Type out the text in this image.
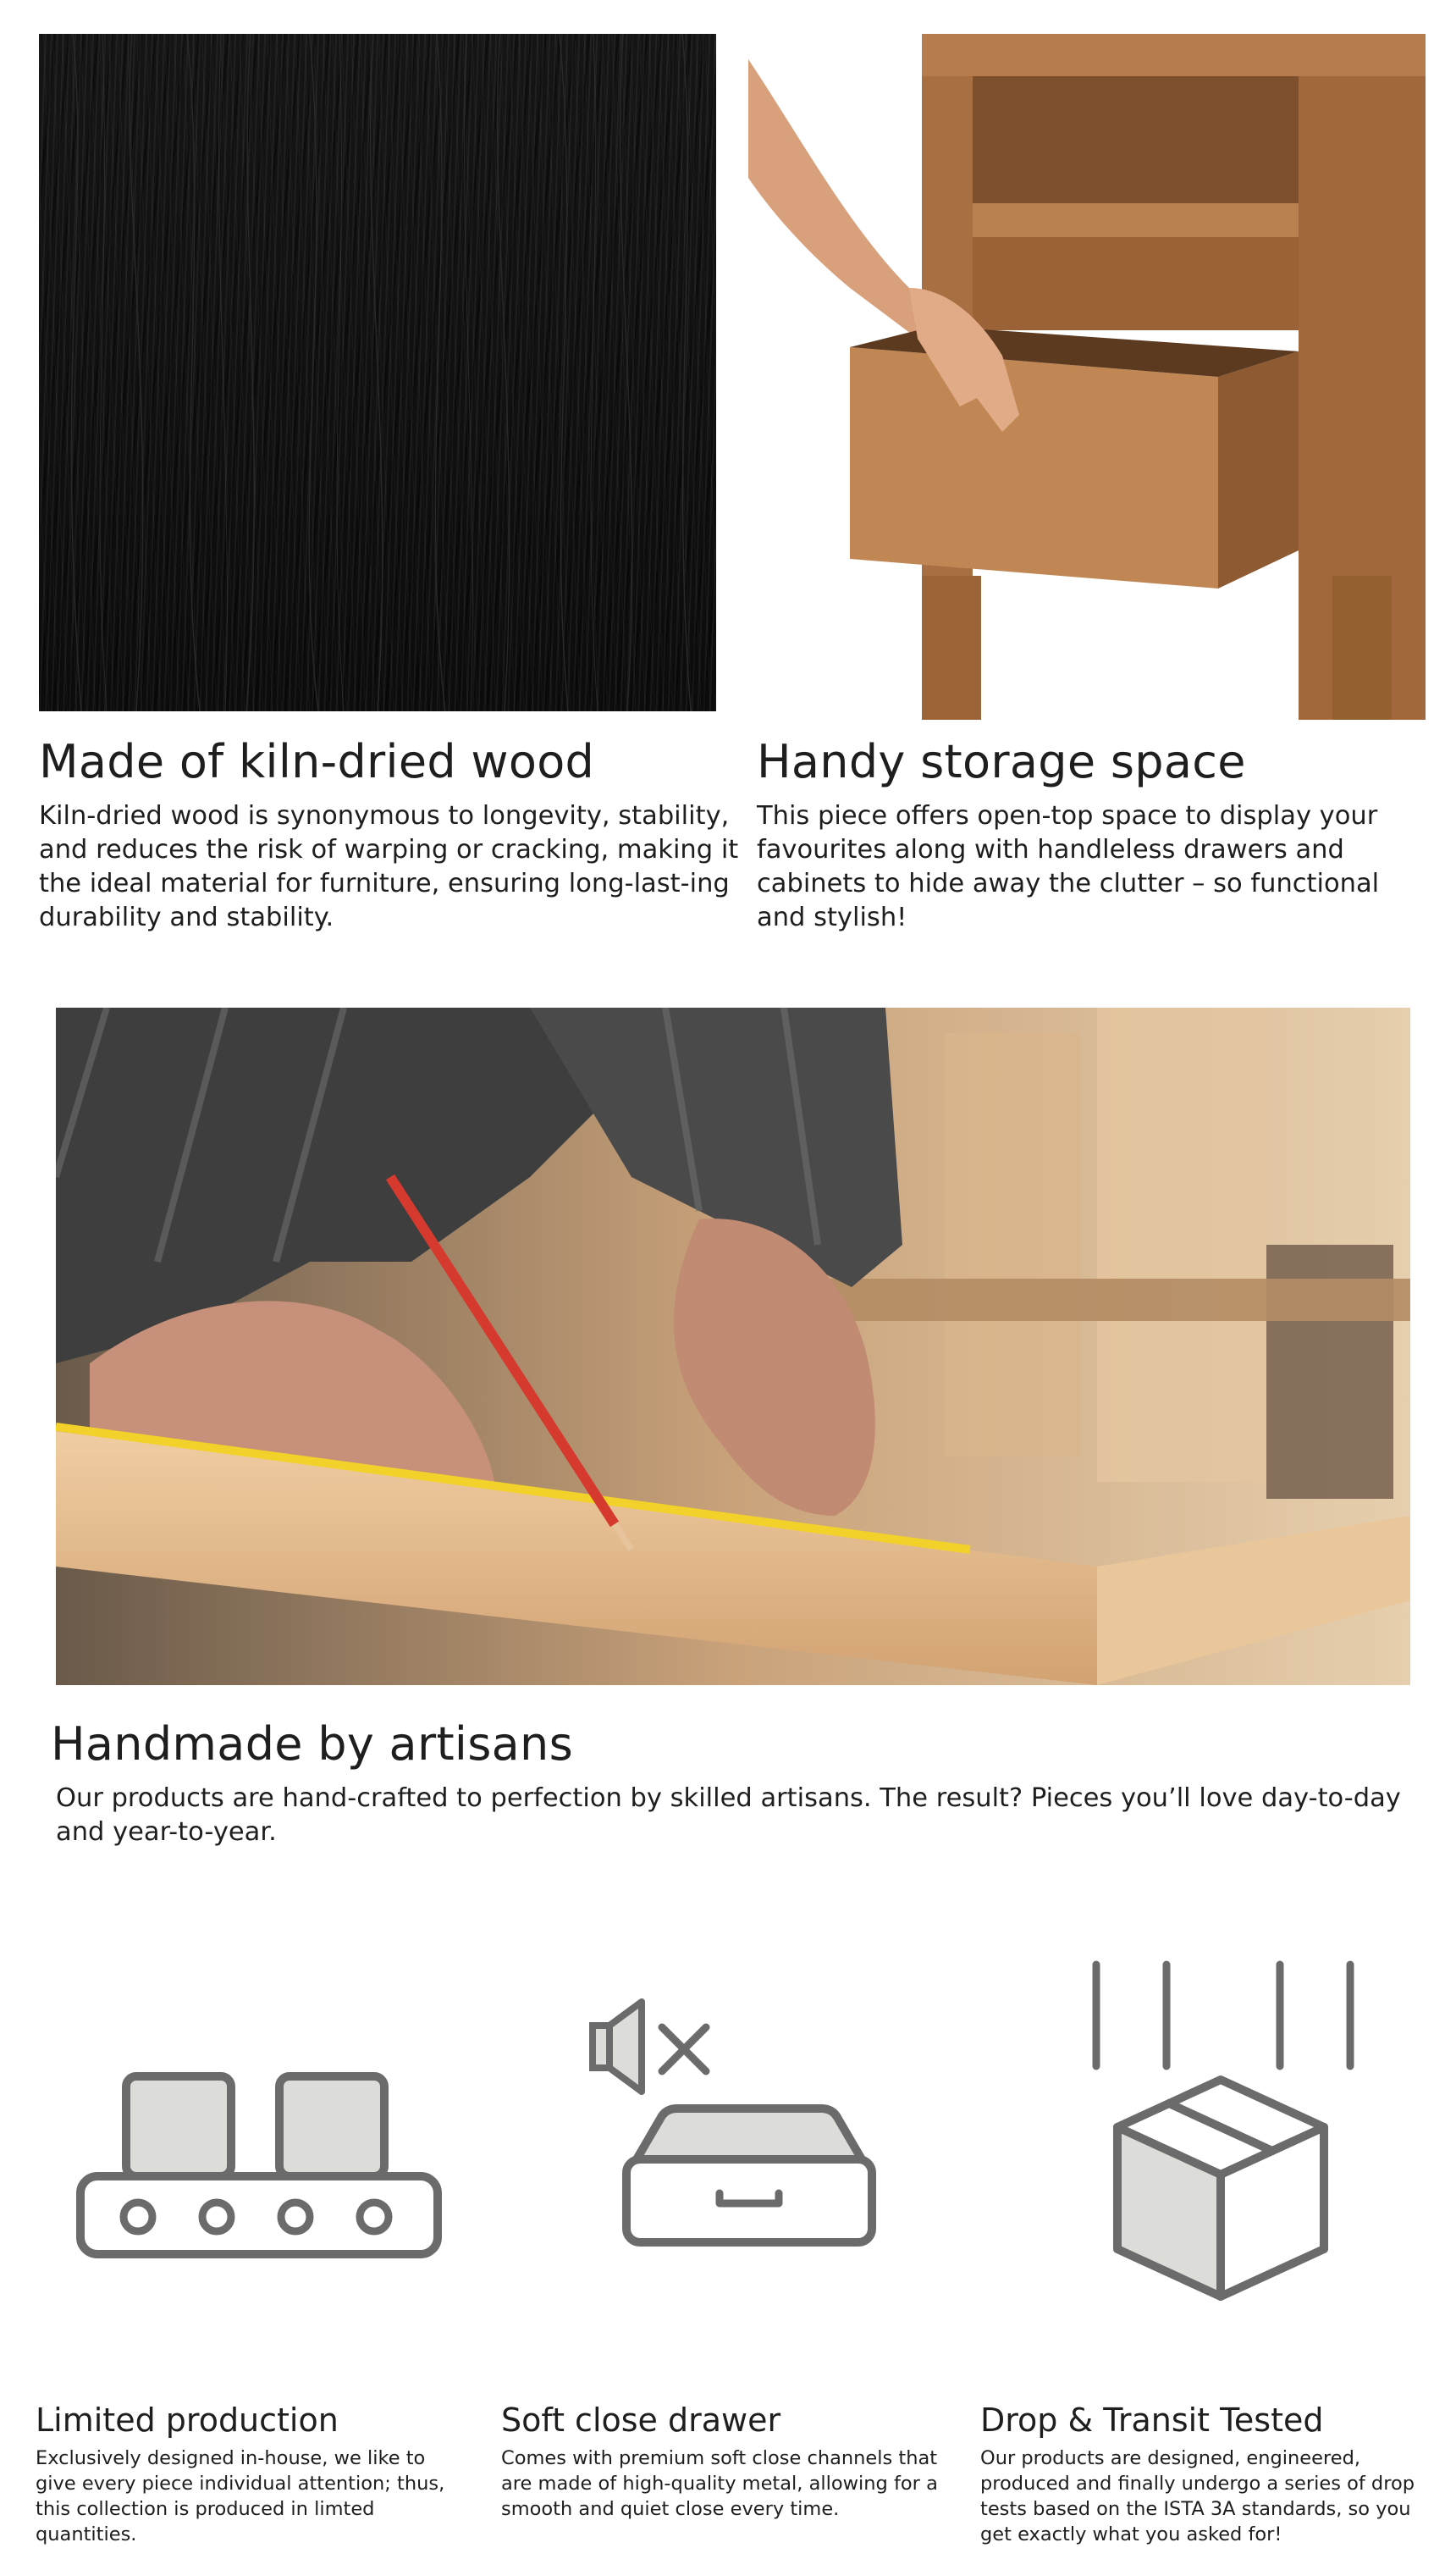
Made of kiln-dried wood

Kiln-dried wood is synonymous to longevity, stability, and reduces the risk of warping or cracking, making it the ideal material for furniture, ensuring long-last-ing durability and stability.

Handy storage space

This piece offers open-top space to display your favourites along with handleless drawers and cabinets to hide away the clutter – so functional and stylish!

Handmade by artisans

Our products are hand-crafted to perfection by skilled artisans. The result? Pieces you’ll love day-to-day and year-to-year.

Limited production

Exclusively designed in-house, we like to give every piece individual attention; thus, this collection is produced in limted quantities.

Soft close drawer

Comes with premium soft close channels that are made of high-quality metal, allowing for a smooth and quiet close every time.

Drop & Transit Tested

Our products are designed, engineered, produced and finally undergo a series of drop tests based on the ISTA 3A standards, so you get exactly what you asked for!
